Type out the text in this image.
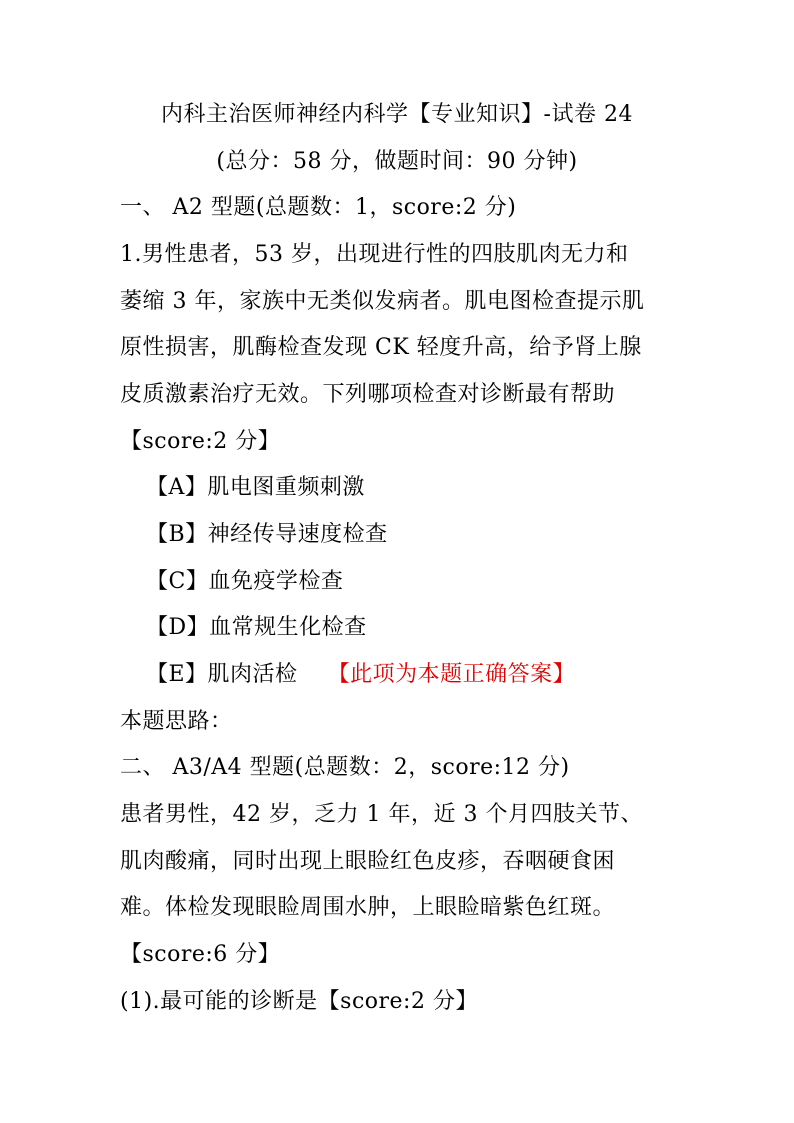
内科主治医师神经内科学【专业知识】-试卷 24
(总分：58 分，做题时间：90 分钟)
一、 A2 型题(总题数：1，score:2 分)
1.男性患者，53 岁，出现进行性的四肢肌肉无力和
萎缩 3 年，家族中无类似发病者。肌电图检查提示肌
原性损害，肌酶检查发现 CK 轻度升高，给予肾上腺
皮质激素治疗无效。下列哪项检查对诊断最有帮助
【score:2 分】
【A】肌电图重频刺激
【B】神经传导速度检查
【C】血免疫学检查
【D】血常规生化检查
【E】肌肉活检 【此项为本题正确答案】
本题思路：
二、 A3/A4 型题(总题数：2，score:12 分)
患者男性，42 岁，乏力 1 年，近 3 个月四肢关节、
肌肉酸痛，同时出现上眼睑红色皮疹，吞咽硬食困
难。体检发现眼睑周围水肿，上眼睑暗紫色红斑。
【score:6 分】
(1).最可能的诊断是【score:2 分】
